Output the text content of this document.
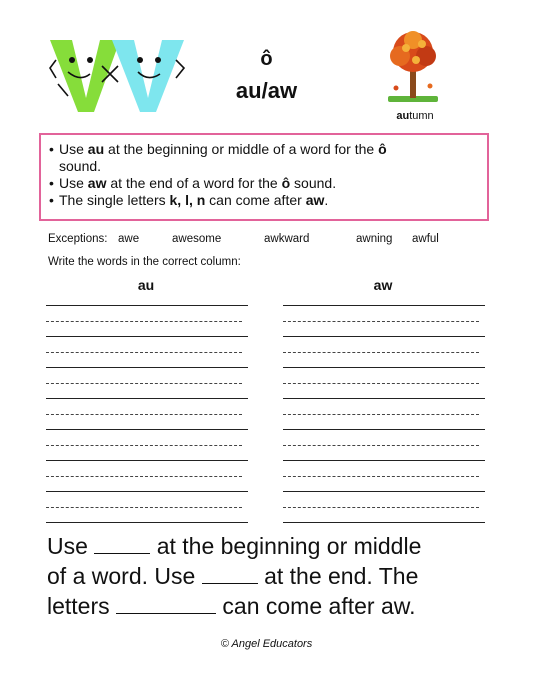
ô
au/aw
autumn

• Use au at the beginning or middle of a word for the ô

sound.

• Use aw at the end of a word for the ô sound.

• The single letters k, l, n can come after aw.

Exceptions: awe	awesome	awkward	awning awful
Write the words in the correct column:
au	aw

Use	at the beginning or middle

of a word. Use	at the end. The

letters	can come after aw.

© Angel Educators
